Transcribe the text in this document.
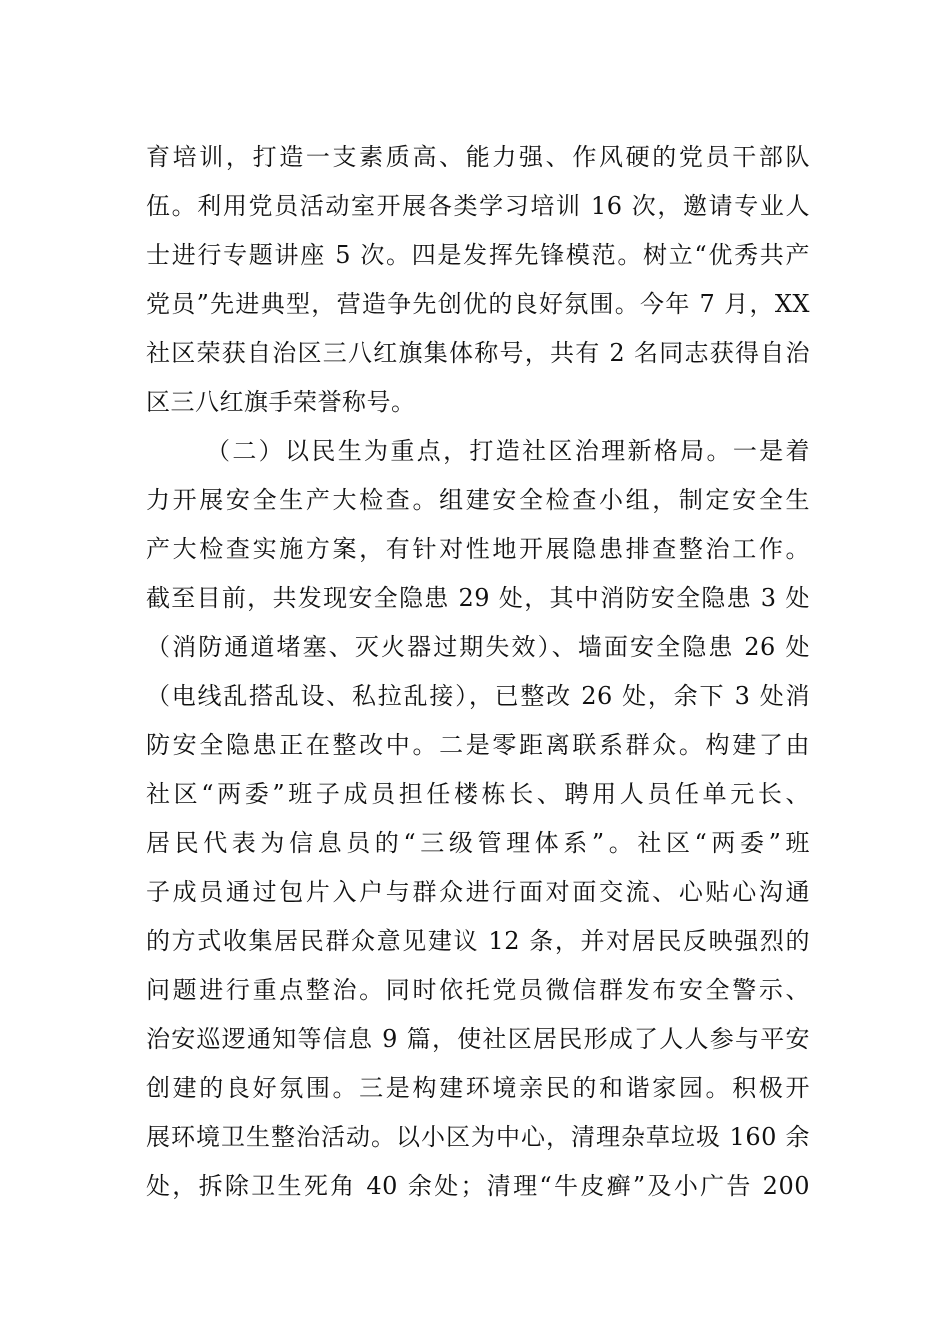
育培训，打造一支素质高、能力强、作风硬的党员干部队
伍。利用党员活动室开展各类学习培训 16 次，邀请专业人
士进行专题讲座 5 次。四是发挥先锋模范。树立“优秀共产
党员”先进典型，营造争先创优的良好氛围。今年 7 月，XX
社区荣获自治区三八红旗集体称号，共有 2 名同志获得自治
区三八红旗手荣誉称号。
（二）以民生为重点，打造社区治理新格局。一是着
力开展安全生产大检查。组建安全检查小组，制定安全生
产大检查实施方案，有针对性地开展隐患排查整治工作。
截至目前，共发现安全隐患 29 处，其中消防安全隐患 3 处
（消防通道堵塞、灭火器过期失效）、墙面安全隐患 26 处
（电线乱搭乱设、私拉乱接），已整改 26 处，余下 3 处消
防安全隐患正在整改中。二是零距离联系群众。构建了由
社区“两委”班子成员担任楼栋长、聘用人员任单元长、
居民代表为信息员的“三级管理体系”。社区“两委”班
子成员通过包片入户与群众进行面对面交流、心贴心沟通
的方式收集居民群众意见建议 12 条，并对居民反映强烈的
问题进行重点整治。同时依托党员微信群发布安全警示、
治安巡逻通知等信息 9 篇，使社区居民形成了人人参与平安
创建的良好氛围。三是构建环境亲民的和谐家园。积极开
展环境卫生整治活动。以小区为中心，清理杂草垃圾 160 余
处，拆除卫生死角 40 余处；清理“牛皮癣”及小广告 200
